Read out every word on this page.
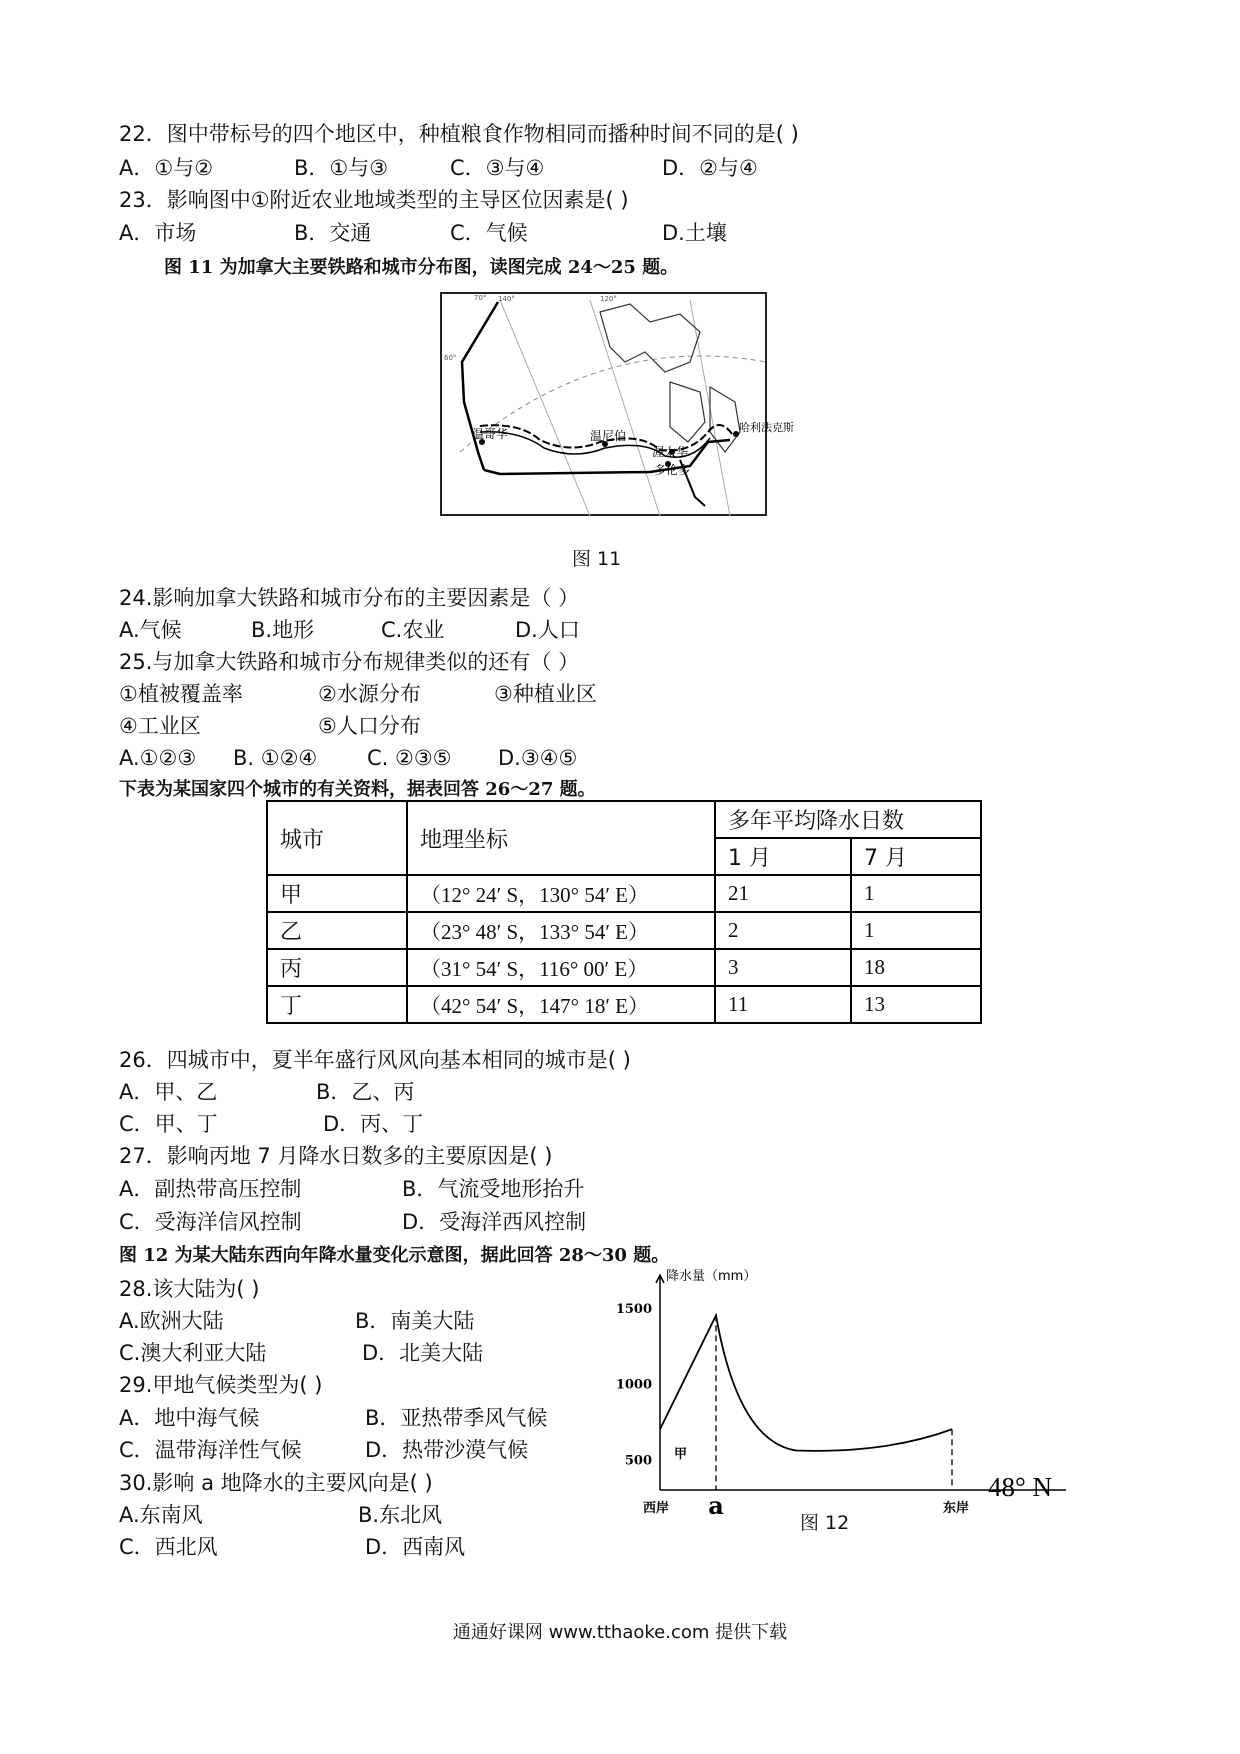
22．图中带标号的四个地区中，种植粮食作物相同而播种时间不同的是( )
A．①与②	B．①与③	C．③与④	D．②与④
23．影响图中①附近农业地域类型的主导区位因素是( )
A．市场	B．交通	C．气候	D.土壤
图 11 为加拿大主要铁路和城市分布图，读图完成 24～25 题。
温哥华	温尼伯
渥太华
多伦多
哈利法克斯
140°	120°
60°
70°
图 11
24.影响加拿大铁路和城市分布的主要因素是（ ）
A.气候	B.地形	C.农业	D.人口
25.与加拿大铁路和城市分布规律类似的还有（ ）
①植被覆盖率	②水源分布	③种植业区
④工业区	⑤人口分布
A.①②③ B. ①②④ C. ②③⑤ D.③④⑤
下表为某国家四个城市的有关资料，据表回答 26～27 题。
城市	地理坐标	多年平均降水日数	
		1 月	7 月
甲	（12° 24′ S，130° 54′ E）	21	1
乙	（23° 48′ S，133° 54′ E）	2	1
丙	（31° 54′ S，116° 00′ E）	3	18
丁	（42° 54′ S，147° 18′ E）	11	13
26．四城市中，夏半年盛行风风向基本相同的城市是( )
A．甲、乙	B．乙、丙
C．甲、丁	D．丙、丁
27．影响丙地 7 月降水日数多的主要原因是( )
A．副热带高压控制	B．气流受地形抬升
C．受海洋信风控制	D．受海洋西风控制
图 12 为某大陆东西向年降水量变化示意图，据此回答 28～30 题。
28.该大陆为( )
A.欧洲大陆	B．南美大陆
C.澳大利亚大陆	D．北美大陆
29.甲地气候类型为( )
A．地中海气候	B．亚热带季风气候
C．温带海洋性气候	D．热带沙漠气候
30.影响 a 地降水的主要风向是( )
A.东南风	B.东北风
C．西北风	D．西南风
降水量（mm）
500
1000
1500
西岸 a	东岸
甲
48° N
图 12
通通好课网 www.tthaoke.com 提供下载
